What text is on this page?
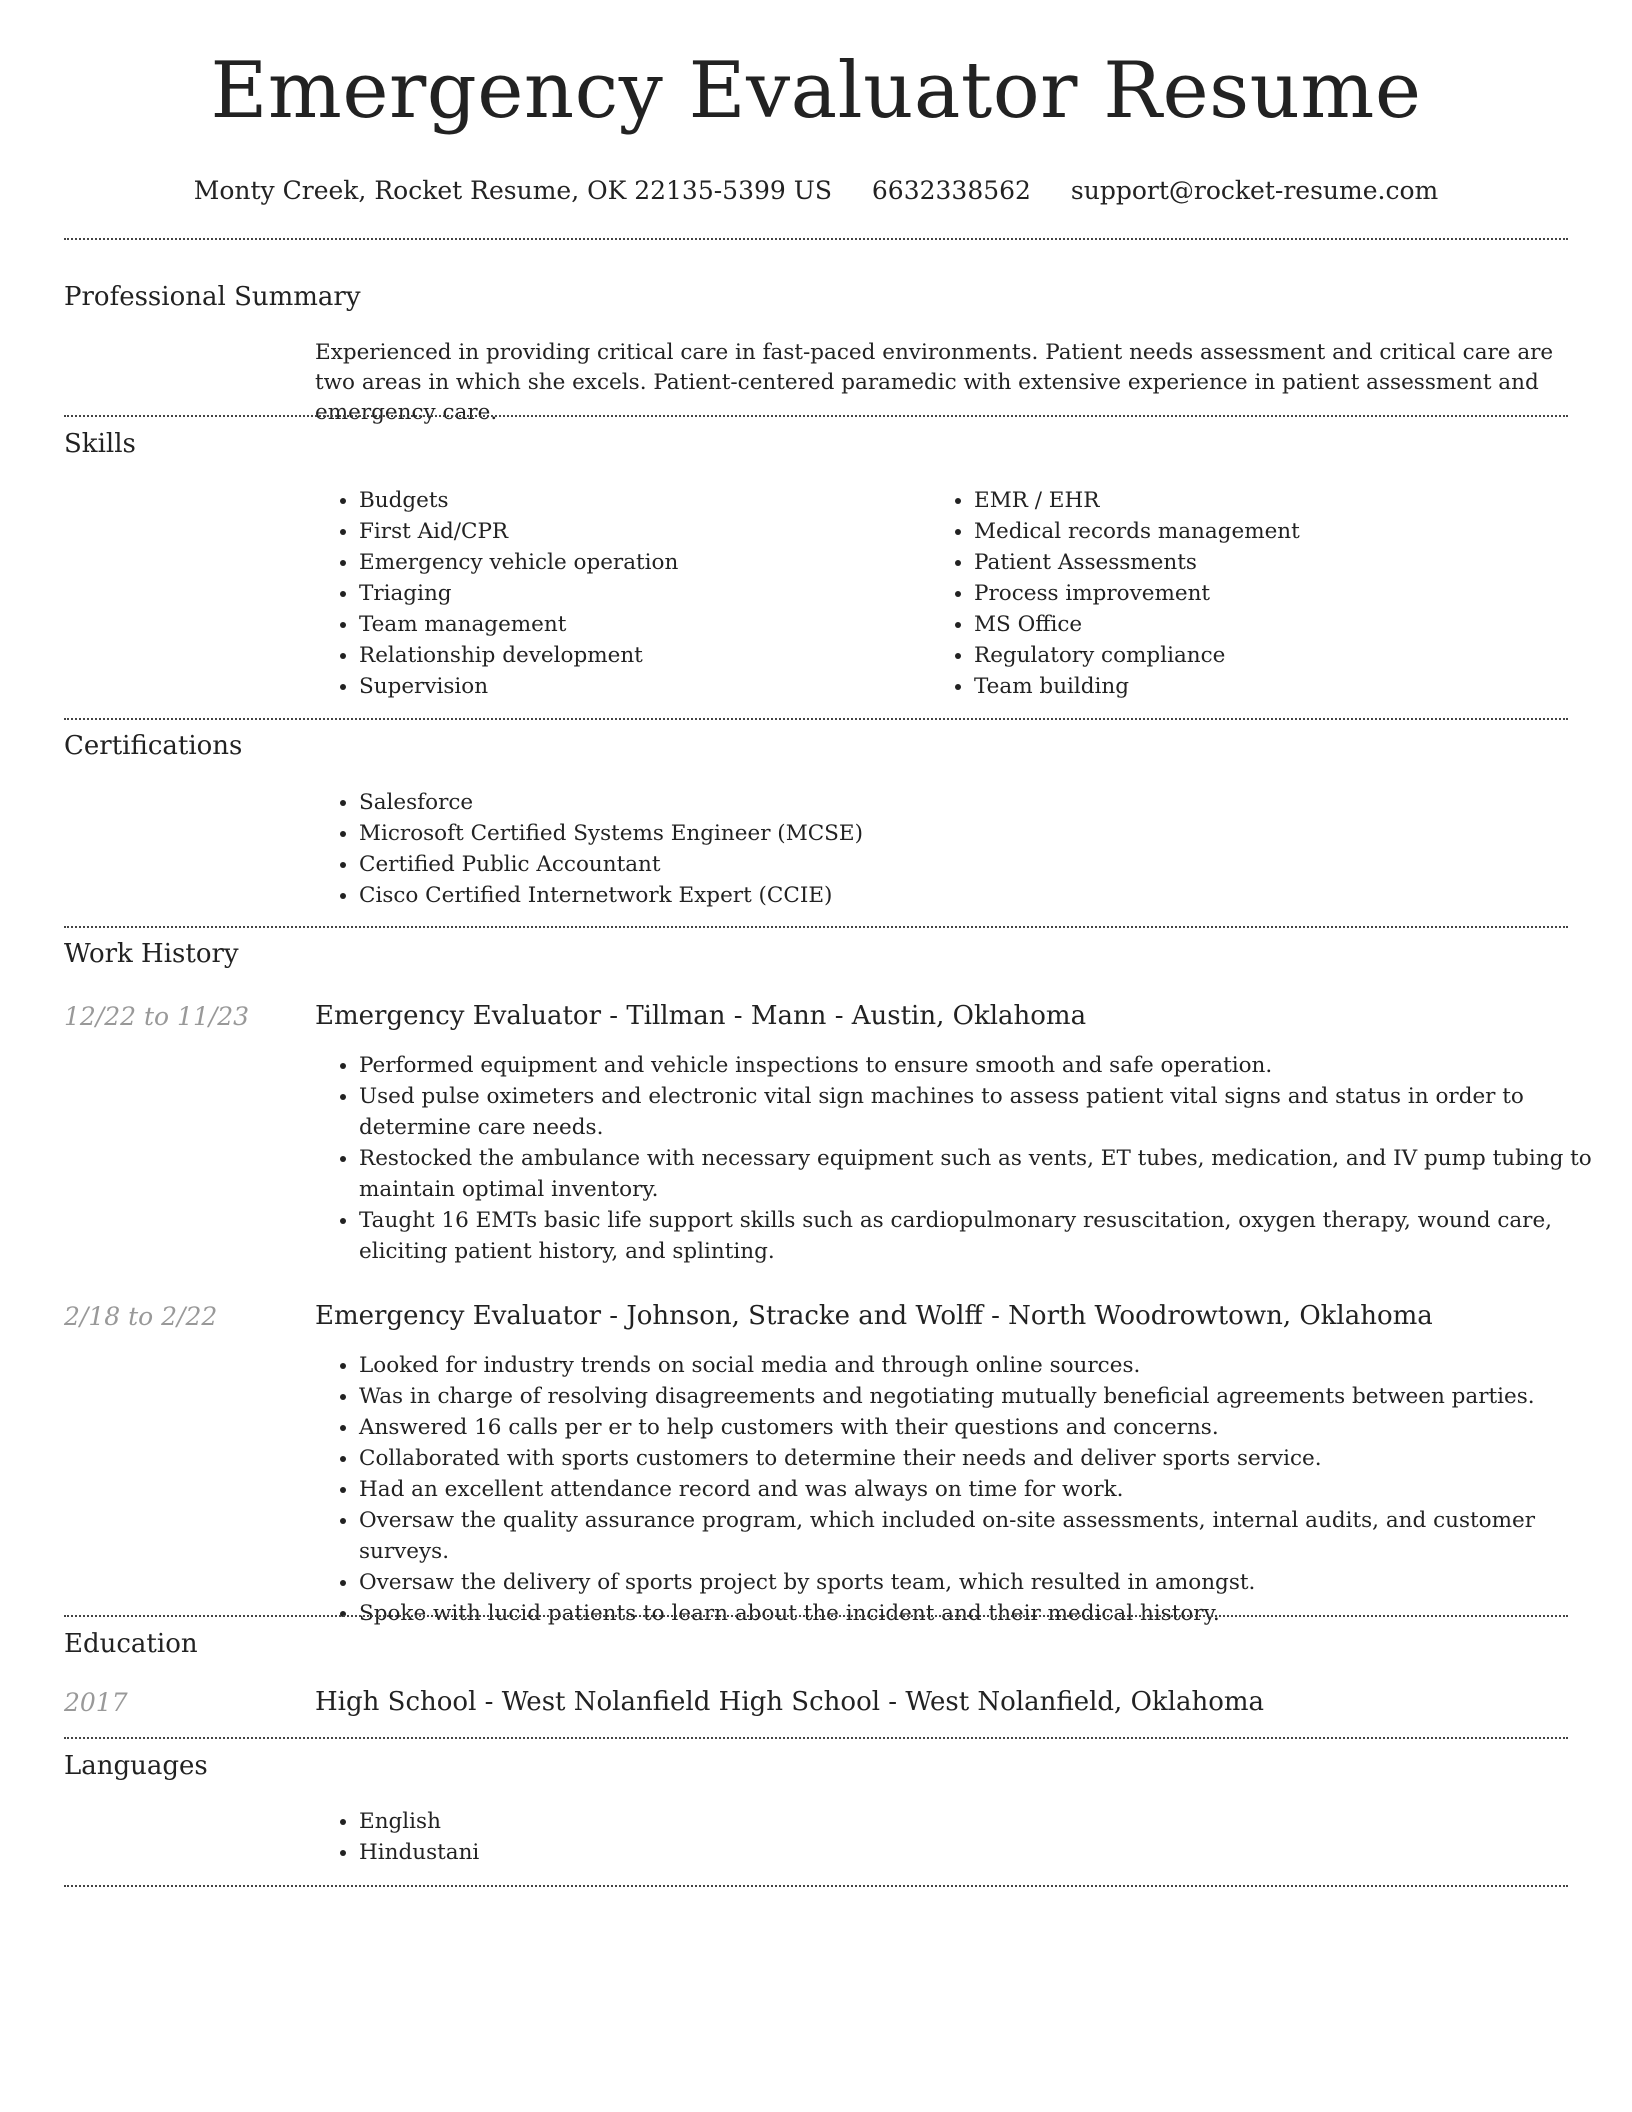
Emergency Evaluator Resume
Monty Creek, Rocket Resume, OK 22135-5399 US 6632338562 support@rocket-resume.com
Professional Summary

Experienced in providing critical care in fast-paced environments. Patient needs assessment and critical care are two areas in which she excels. Patient-centered paramedic with extensive experience in patient assessment and emergency care.

Skills
• Budgets
• First Aid/CPR
• Emergency vehicle operation
• Triaging
• Team management
• Relationship development
• Supervision
• EMR / EHR
• Medical records management
• Patient Assessments
• Process improvement
• MS Office
• Regulatory compliance
• Team building
Certifications
• Salesforce
• Microsoft Certified Systems Engineer (MCSE)
• Certified Public Accountant
• Cisco Certified Internetwork Expert (CCIE)
Work History
12/22 to 11/23	Emergency Evaluator - Tillman - Mann - Austin, Oklahoma
• Performed equipment and vehicle inspections to ensure smooth and safe operation.
• Used pulse oximeters and electronic vital sign machines to assess patient vital signs and status in order to determine care needs.
• Restocked the ambulance with necessary equipment such as vents, ET tubes, medication, and IV pump tubing to maintain optimal inventory.
• Taught 16 EMTs basic life support skills such as cardiopulmonary resuscitation, oxygen therapy, wound care, eliciting patient history, and splinting.
2/18 to 2/22	Emergency Evaluator - Johnson, Stracke and Wolff - North Woodrowtown, Oklahoma
• Looked for industry trends on social media and through online sources.
• Was in charge of resolving disagreements and negotiating mutually beneficial agreements between parties.
• Answered 16 calls per er to help customers with their questions and concerns.
• Collaborated with sports customers to determine their needs and deliver sports service.
• Had an excellent attendance record and was always on time for work.
• Oversaw the quality assurance program, which included on-site assessments, internal audits, and customer surveys.
• Oversaw the delivery of sports project by sports team, which resulted in amongst.
• Spoke with lucid patients to learn about the incident and their medical history.
Education
2017	High School - West Nolanfield High School - West Nolanfield, Oklahoma
Languages
• English
• Hindustani
